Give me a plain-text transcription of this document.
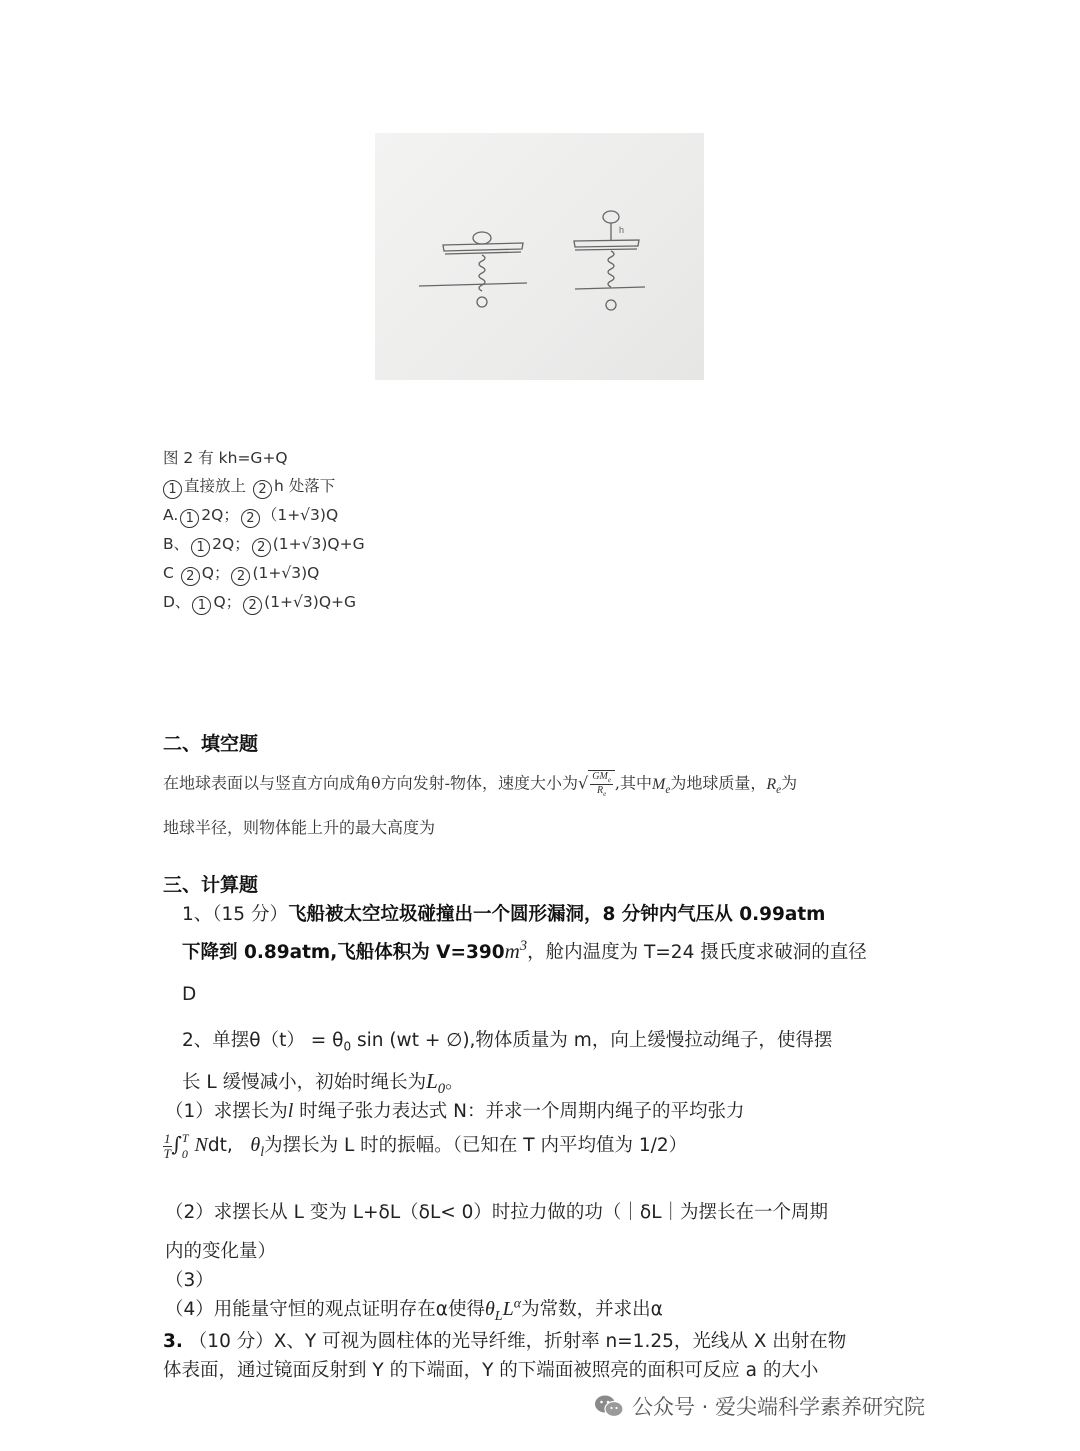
h
图 2 有 kh=G+Q
1 直接放上 2 h 处落下
A. 1 2Q； 2 （1+√3)Q
B、 1 2Q； 2 (1+√3)Q+G
C 2 Q； 2 (1+√3)Q
D、 1 Q； 2 (1+√3)Q+G
二、填空题
在地球表面以与竖直方向成角θ方向发射-物体，速度大小为√ $\frac{GM_e}{R_e}$ ,其中$M_e$为地球质量，$R_e$为
地球半径，则物体能上升的最大高度为
三、计算题
1、（15 分）飞船被太空垃圾碰撞出一个圆形漏洞，8 分钟内气压从 0.99atm
下降到 0.89atm,飞船体积为 $V=390m^3$，舱内温度为 T=24 摄氏度求破洞的直径
D
2、单摆$\theta(t) = \theta_0$ sin (wt + ∅),物体质量为 m，向上缓慢拉动绳子，使得摆
长 L 缓慢减小，初始时绳长为$L_0$。
（1）求摆长为l 时绳子张力表达式 N：并求一个周期内绳子的平均张力
$\frac{1}{T} \int T$
0 Ndt, $\theta_l$为摆长为 L 时的振幅。（已知在 T 内平均值为 1/2）
（2）求摆长从 L 变为 L+δL（δL< 0）时拉力做的功（｜δL｜为摆长在一个周期
内的变化量）
（3）
（4）用能量守恒的观点证明存在α使得$\theta_LL^\alpha$为常数，并求出α
3. （10 分）X、Y 可视为圆柱体的光导纤维，折射率 n=1.25，光线从 X 出射在物
体表面，通过镜面反射到 Y 的下端面，Y 的下端面被照亮的面积可反应 a 的大小
公众号 · 爱尖端科学素养研究院
